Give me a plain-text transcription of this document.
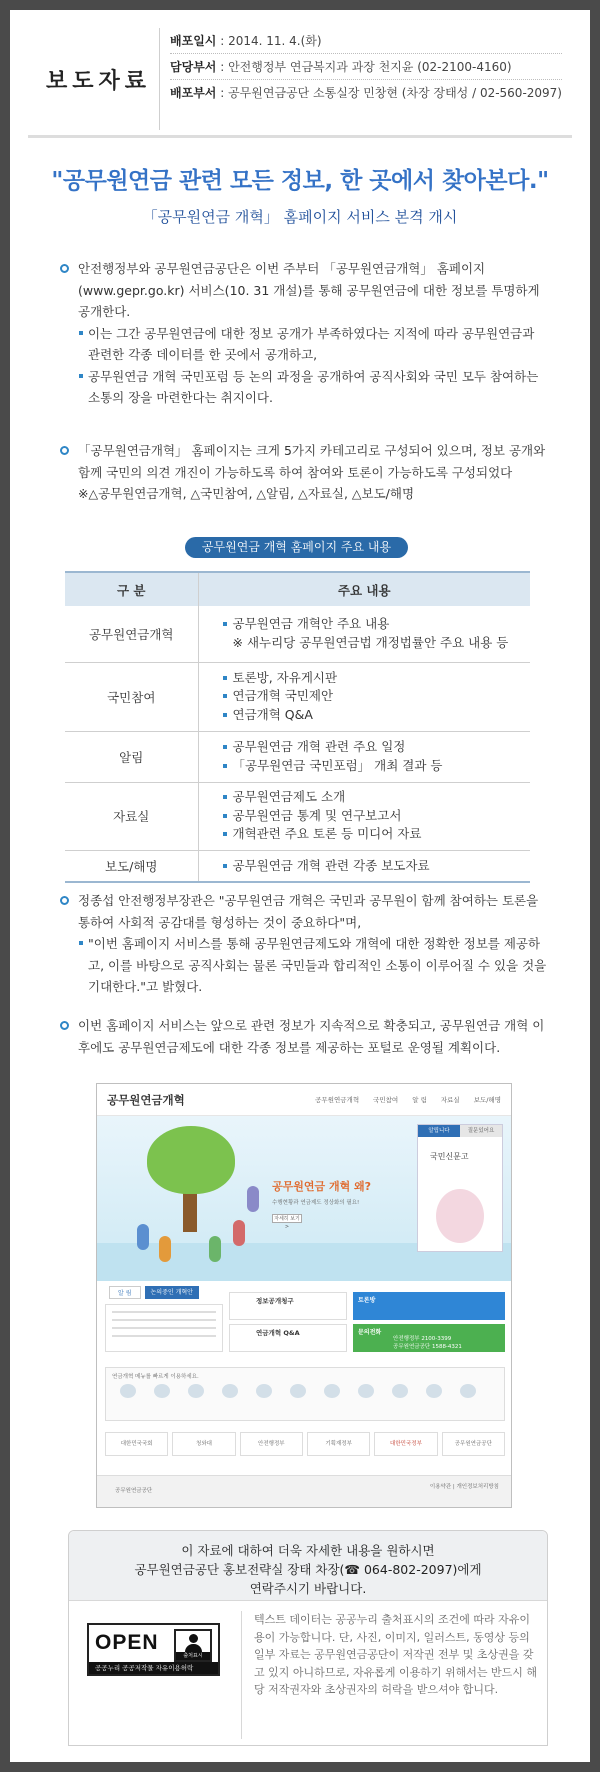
보도자료
배포일시 : 2014. 11. 4.(화)
담당부서 : 안전행정부 연금복지과 과장 천지윤 (02-2100-4160)
배포부서 : 공무원연금공단 소통실장 민창현 (차장 장태성 / 02-560-2097)
"공무원연금 관련 모든 정보, 한 곳에서 찾아본다."
「공무원연금 개혁」 홈페이지 서비스 본격 개시
안전행정부와 공무원연금공단은 이번 주부터 「공무원연금개혁」 홈페이지(www.gepr.go.kr) 서비스(10. 31 개설)를 통해 공무원연금에 대한 정보를 투명하게 공개한다.
이는 그간 공무원연금에 대한 정보 공개가 부족하였다는 지적에 따라 공무원연금과 관련한 각종 데이터를 한 곳에서 공개하고,
공무원연금 개혁 국민포럼 등 논의 과정을 공개하여 공직사회와 국민 모두 참여하는 소통의 장을 마련한다는 취지이다.
「공무원연금개혁」 홈페이지는 크게 5가지 카테고리로 구성되어 있으며, 정보 공개와 함께 국민의 의견 개진이 가능하도록 하여 참여와 토론이 가능하도록 구성되었다
※△공무원연금개혁, △국민참여, △알림, △자료실, △보도/해명
공무원연금 개혁 홈페이지 주요 내용
구 분	주요 내용
공무원연금개혁	공무원연금 개혁안 주요 내용
※ 새누리당 공무원연금법 개정법률안 주요 내용 등

국민참여	토론방, 자유게시판
연금개혁 국민제안
연금개혁 Q&A

알림	공무원연금 개혁 관련 주요 일정
「공무원연금 국민포럼」 개최 결과 등

자료실	공무원연금제도 소개
공무원연금 통계 및 연구보고서
개혁관련 주요 토론 등 미디어 자료

보도/해명	공무원연금 개혁 관련 각종 보도자료
정종섭 안전행정부장관은 "공무원연금 개혁은 국민과 공무원이 함께 참여하는 토론을 통하여 사회적 공감대를 형성하는 것이 중요하다"며,
"이번 홈페이지 서비스를 통해 공무원연금제도와 개혁에 대한 정확한 정보를 제공하고, 이를 바탕으로 공직사회는 물론 국민들과 합리적인 소통이 이루어질 수 있을 것을 기대한다."고 밝혔다.
이번 홈페이지 서비스는 앞으로 관련 정보가 지속적으로 확충되고, 공무원연금 개혁 이후에도 공무원연금제도에 대한 각종 정보를 제공하는 포털로 운영될 계획이다.
공무원연금개혁	공무원연금개혁 국민참여 알 림 자료실 보도/해명
공무원연금 개혁 왜?
수행현황과 연금제도 정상화의 필요!
자세히 보기 >
알립니다	질문있어요
국민신문고
알 림	논의중인 개혁안
정보공개청구
연금개혁 Q&A
토론방
문의전화
안전행정부 2100-3399
공무원연금공단 1588-4321
연금개혁 메뉴를 빠르게 이용하세요.
대한민국국회	청와대	안전행정부	기획재정부	대한민국정부	공무원연금공단
공무원연금공단
이용약관 | 개인정보처리방침
이 자료에 대하여 더욱 자세한 내용을 원하시면
공무원연금공단 홍보전략실 장태 차장(☎ 064-802-2097)에게
연락주시기 바랍니다.
OPEN
출처표시
공공누리 공공저작물 자유이용허락
텍스트 데이터는 공공누리 출처표시의 조건에 따라 자유이용이 가능합니다. 단, 사진, 이미지, 일러스트, 동영상 등의 일부 자료는 공무원연금공단이 저작권 전부 및 초상권을 갖고 있지 아니하므로, 자유롭게 이용하기 위해서는 반드시 해당 저작권자와 초상권자의 허락을 받으셔야 합니다.
